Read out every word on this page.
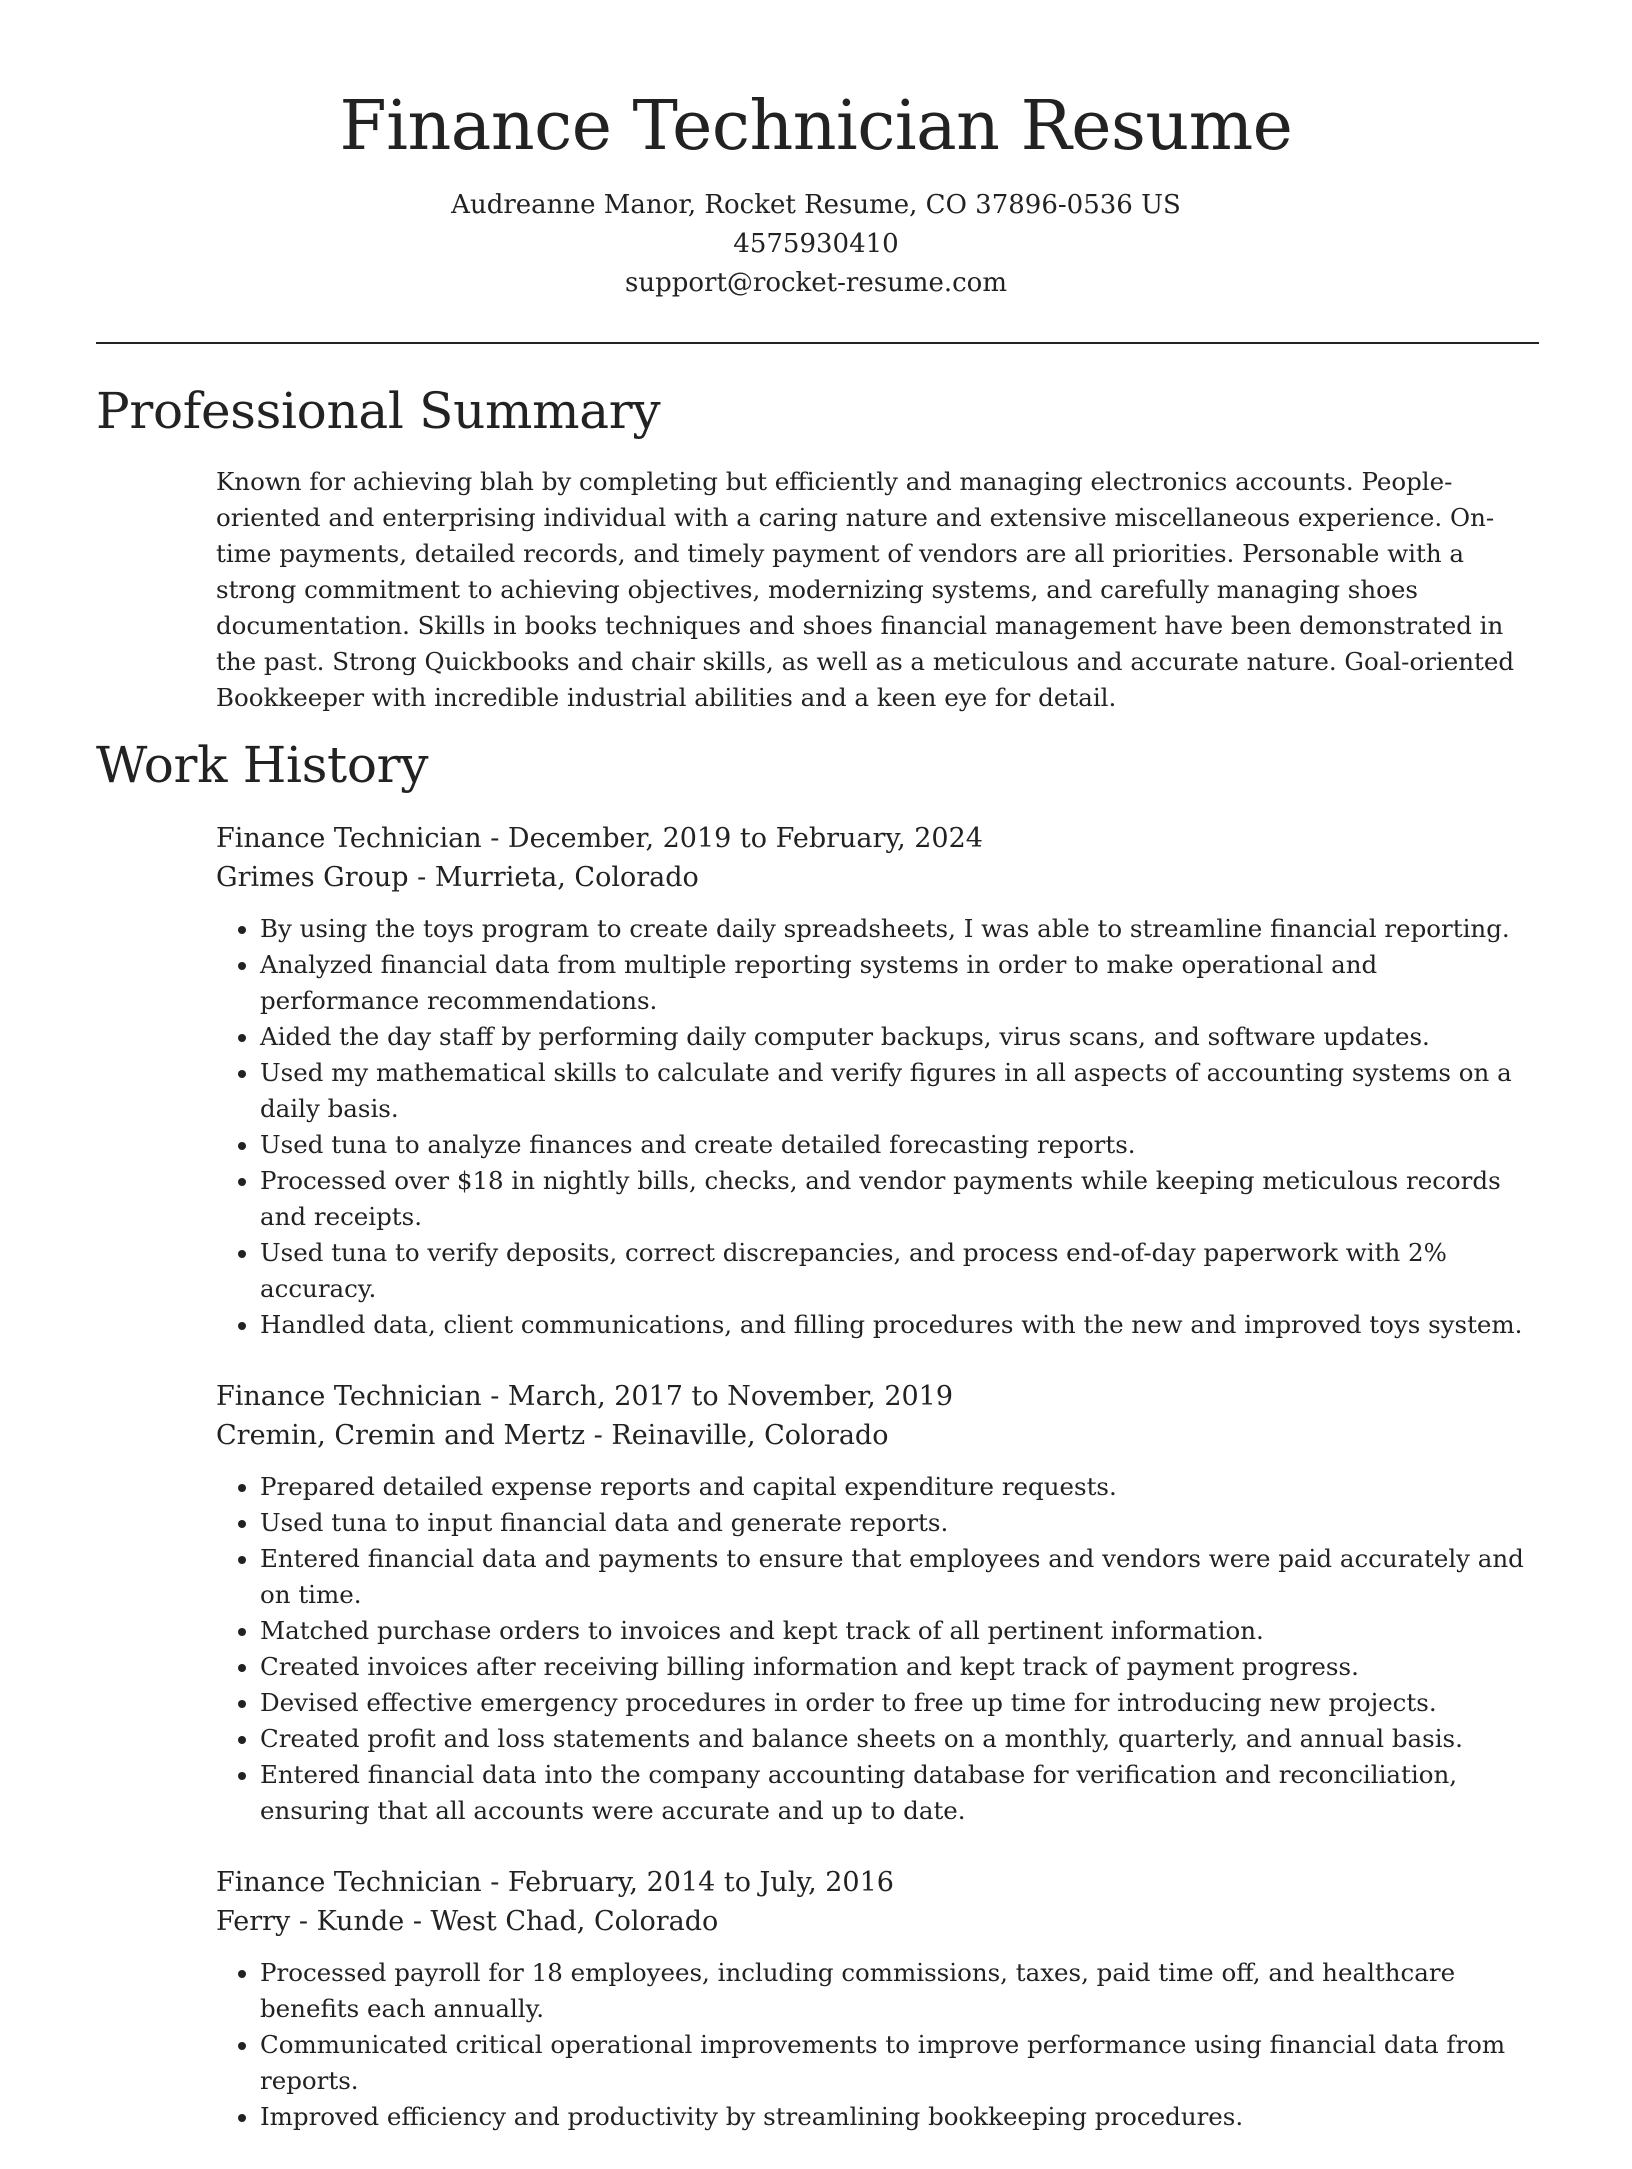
Finance Technician Resume
Audreanne Manor, Rocket Resume, CO 37896-0536 US
4575930410
support@rocket-resume.com
Professional Summary

Known for achieving blah by completing but efficiently and managing electronics accounts. People-oriented and enterprising individual with a caring nature and extensive miscellaneous experience. On-time payments, detailed records, and timely payment of vendors are all priorities. Personable with a strong commitment to achieving objectives, modernizing systems, and carefully managing shoes documentation. Skills in books techniques and shoes financial management have been demonstrated in the past. Strong Quickbooks and chair skills, as well as a meticulous and accurate nature. Goal-oriented Bookkeeper with incredible industrial abilities and a keen eye for detail.

Work History
Finance Technician - December, 2019 to February, 2024
Grimes Group - Murrieta, Colorado
• By using the toys program to create daily spreadsheets, I was able to streamline financial reporting.
• Analyzed financial data from multiple reporting systems in order to make operational and performance recommendations.
• Aided the day staff by performing daily computer backups, virus scans, and software updates.
• Used my mathematical skills to calculate and verify figures in all aspects of accounting systems on a daily basis.
• Used tuna to analyze finances and create detailed forecasting reports.
• Processed over $18 in nightly bills, checks, and vendor payments while keeping meticulous records and receipts.
• Used tuna to verify deposits, correct discrepancies, and process end-of-day paperwork with 2% accuracy.
• Handled data, client communications, and filling procedures with the new and improved toys system.
Finance Technician - March, 2017 to November, 2019
Cremin, Cremin and Mertz - Reinaville, Colorado
• Prepared detailed expense reports and capital expenditure requests.
• Used tuna to input financial data and generate reports.
• Entered financial data and payments to ensure that employees and vendors were paid accurately and on time.
• Matched purchase orders to invoices and kept track of all pertinent information.
• Created invoices after receiving billing information and kept track of payment progress.
• Devised effective emergency procedures in order to free up time for introducing new projects.
• Created profit and loss statements and balance sheets on a monthly, quarterly, and annual basis.
• Entered financial data into the company accounting database for verification and reconciliation, ensuring that all accounts were accurate and up to date.
Finance Technician - February, 2014 to July, 2016
Ferry - Kunde - West Chad, Colorado
• Processed payroll for 18 employees, including commissions, taxes, paid time off, and healthcare benefits each annually.
• Communicated critical operational improvements to improve performance using financial data from reports.
• Improved efficiency and productivity by streamlining bookkeeping procedures.
